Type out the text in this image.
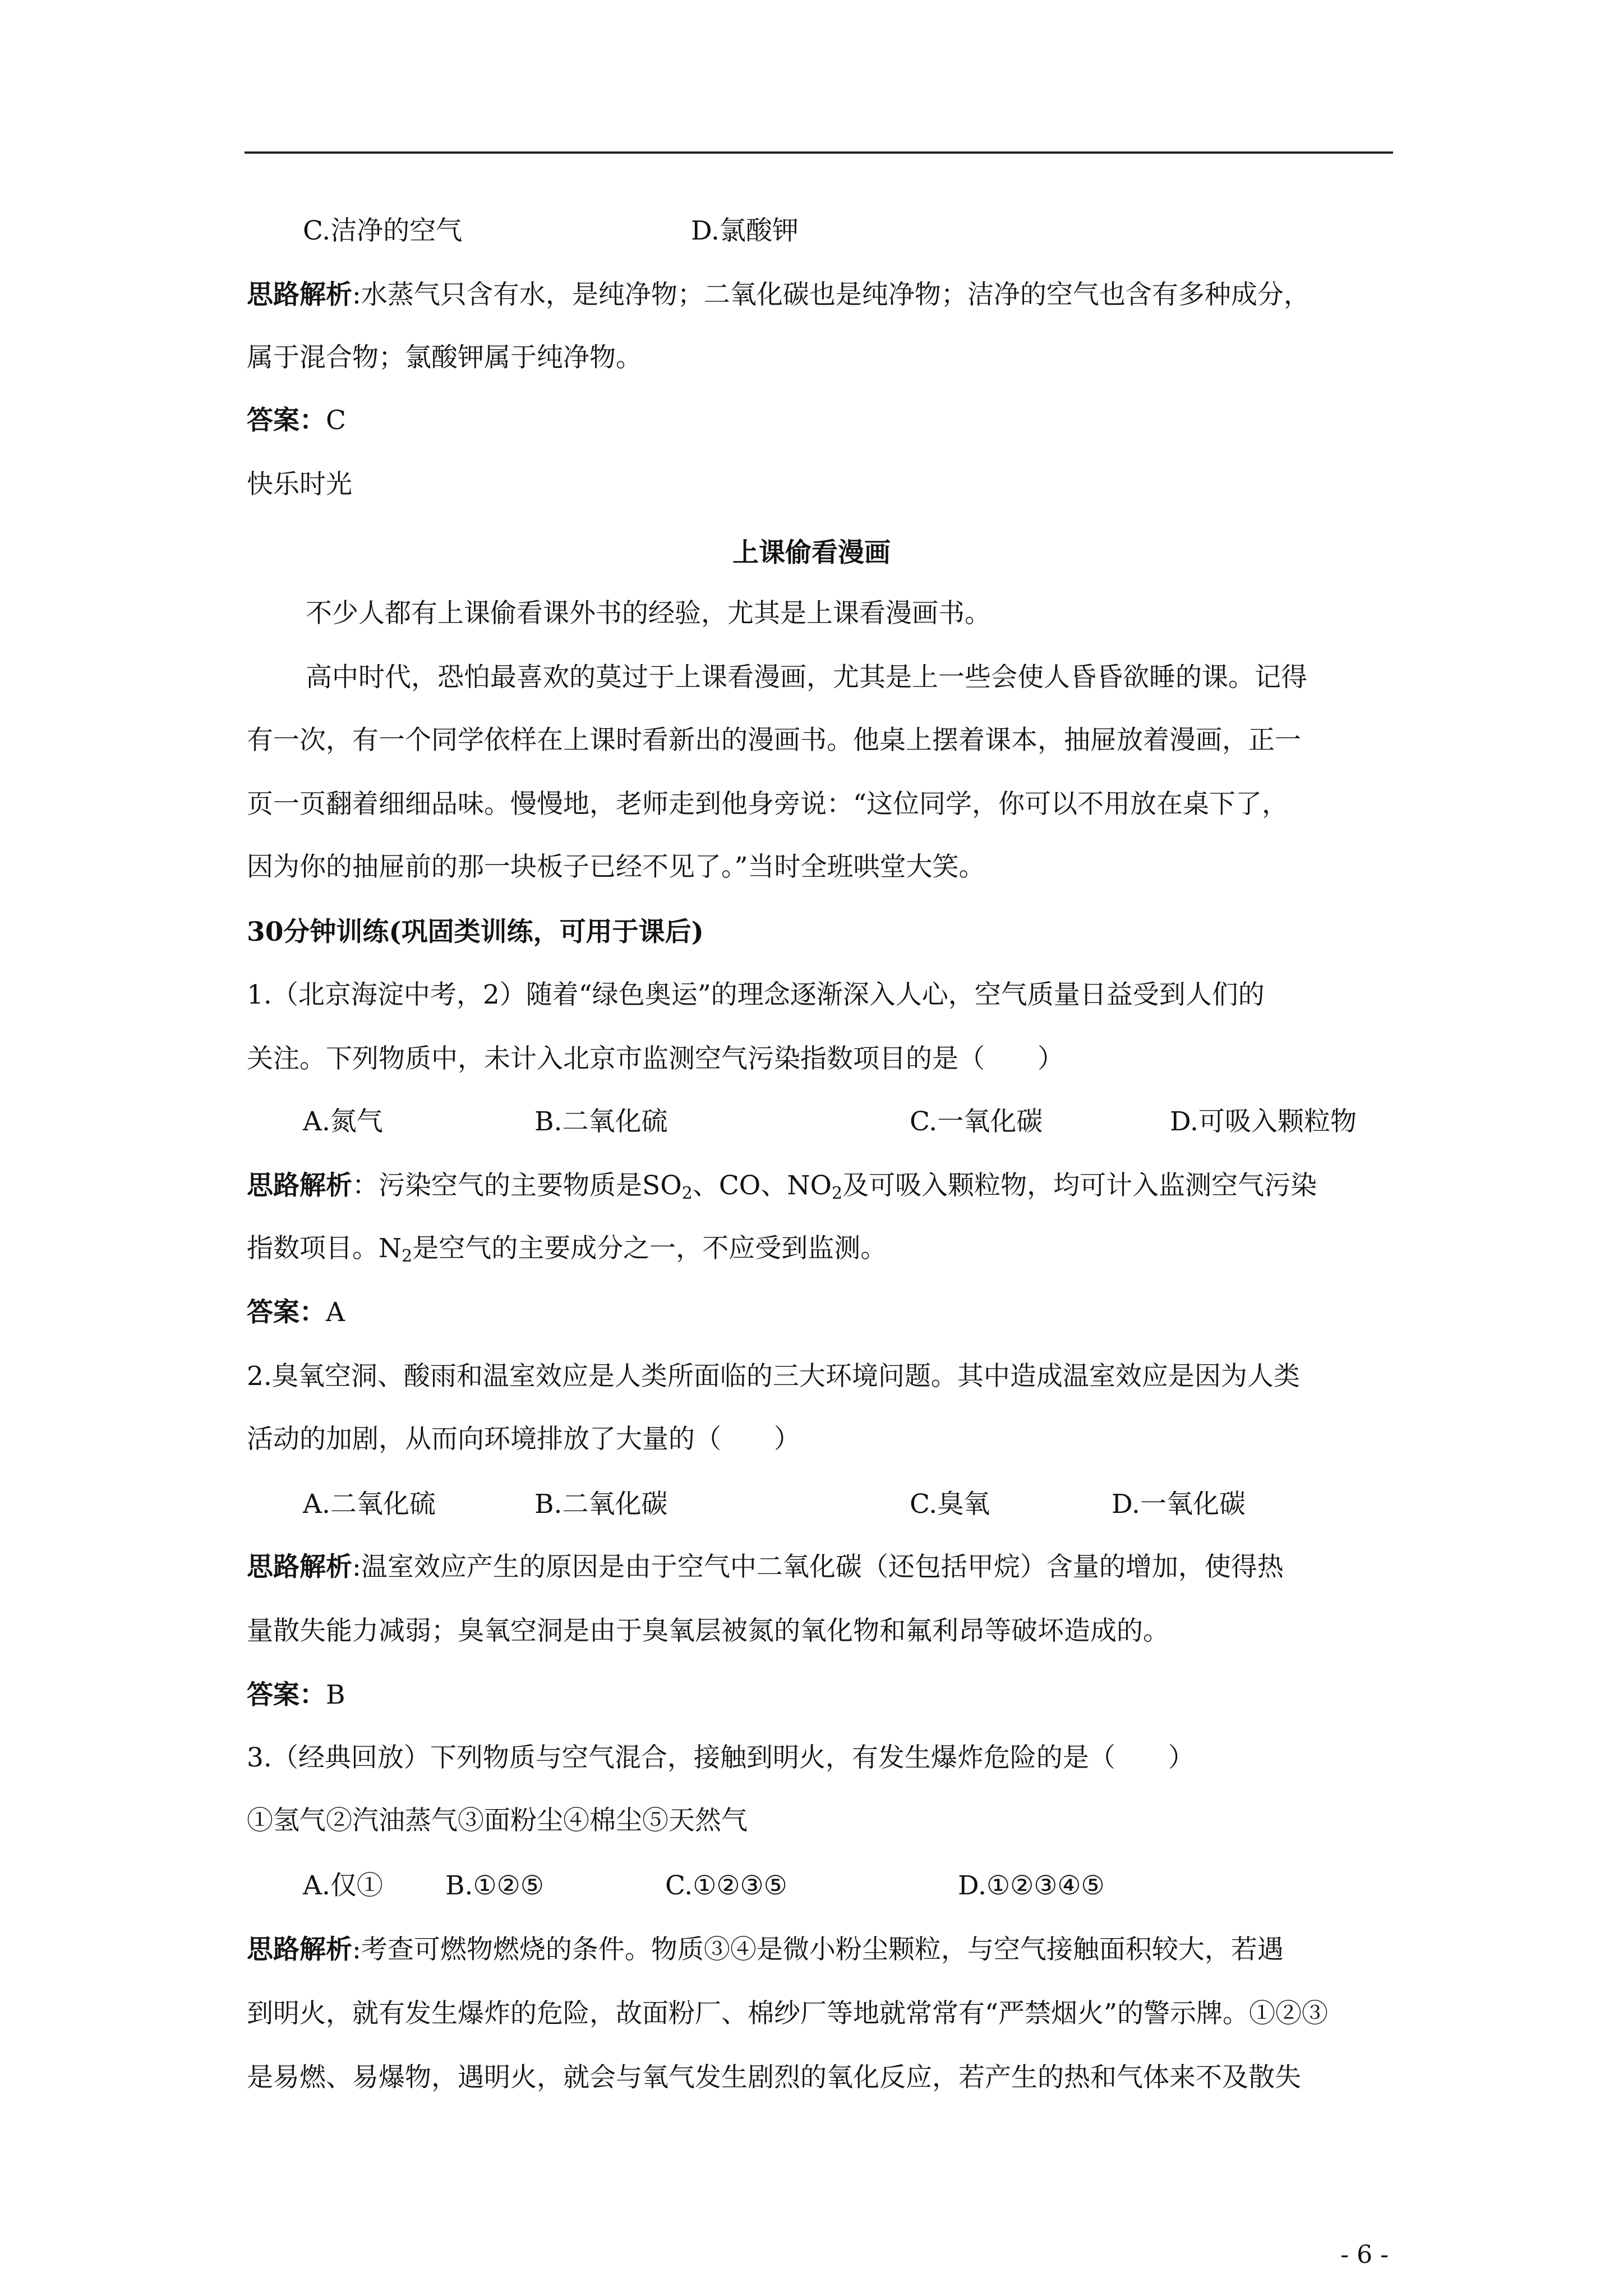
C.洁净的空气	D.氯酸钾
思路解析:水蒸气只含有水，是纯净物；二氧化碳也是纯净物；洁净的空气也含有多种成分，
属于混合物；氯酸钾属于纯净物。
答案：C
快乐时光
上课偷看漫画
不少人都有上课偷看课外书的经验，尤其是上课看漫画书。
高中时代，恐怕最喜欢的莫过于上课看漫画，尤其是上一些会使人昏昏欲睡的课。记得
有一次，有一个同学依样在上课时看新出的漫画书。他桌上摆着课本，抽屉放着漫画，正一
页一页翻着细细品味。慢慢地，老师走到他身旁说：“这位同学，你可以不用放在桌下了，
因为你的抽屉前的那一块板子已经不见了。”当时全班哄堂大笑。
30分钟训练(巩固类训练，可用于课后)
1.（北京海淀中考，2）随着“绿色奥运”的理念逐渐深入人心，空气质量日益受到人们的
关注。下列物质中，未计入北京市监测空气污染指数项目的是（　　）
A.氮气	B.二氧化硫	C.一氧化碳	D.可吸入颗粒物
思路解析：污染空气的主要物质是$SO_2$、CO、$NO_2$及可吸入颗粒物，均可计入监测空气污染
指数项目。$N_2$是空气的主要成分之一，不应受到监测。
答案：A
2.臭氧空洞、酸雨和温室效应是人类所面临的三大环境问题。其中造成温室效应是因为人类
活动的加剧，从而向环境排放了大量的（　　）
A.二氧化硫	B.二氧化碳	C.臭氧	D.一氧化碳
思路解析:温室效应产生的原因是由于空气中二氧化碳（还包括甲烷）含量的增加，使得热
量散失能力减弱；臭氧空洞是由于臭氧层被氮的氧化物和氟利昂等破坏造成的。
答案：B
3.（经典回放）下列物质与空气混合，接触到明火，有发生爆炸危险的是（　　）
①氢气②汽油蒸气③面粉尘④棉尘⑤天然气
A.仅① B.①②⑤	C.①②③⑤	D.①②③④⑤
思路解析:考查可燃物燃烧的条件。物质③④是微小粉尘颗粒，与空气接触面积较大，若遇
到明火，就有发生爆炸的危险，故面粉厂、棉纱厂等地就常常有“严禁烟火”的警示牌。①②③
是易燃、易爆物，遇明火，就会与氧气发生剧烈的氧化反应，若产生的热和气体来不及散失
- 6 -
